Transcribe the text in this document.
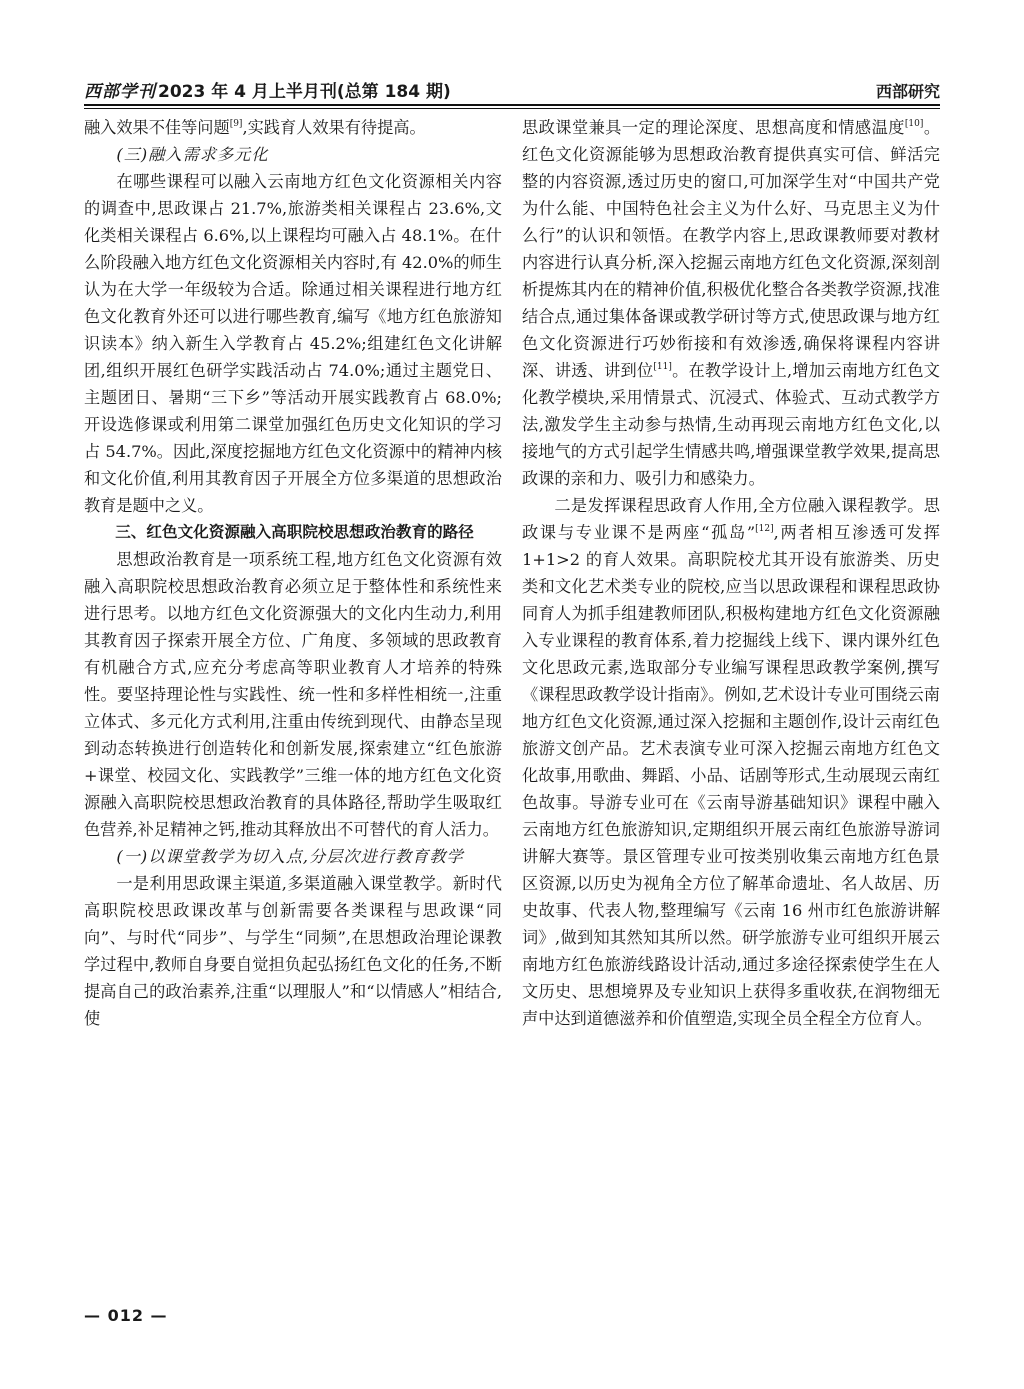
西部学刊 2023 年 4 月上半月刊(总第 184 期)	西部研究

融入效果不佳等问题[9],实践育人效果有待提高。

(三)融入需求多元化

在哪些课程可以融入云南地方红色文化资源相关内容的调查中,思政课占 21.7%,旅游类相关课程占 23.6%,文化类相关课程占 6.6%,以上课程均可融入占 48.1%。在什么阶段融入地方红色文化资源相关内容时,有 42.0%的师生认为在大学一年级较为合适。除通过相关课程进行地方红色文化教育外还可以进行哪些教育,编写《地方红色旅游知识读本》纳入新生入学教育占 45.2%;组建红色文化讲解团,组织开展红色研学实践活动占 74.0%;通过主题党日、主题团日、暑期“三下乡”等活动开展实践教育占 68.0%;开设选修课或利用第二课堂加强红色历史文化知识的学习占 54.7%。因此,深度挖掘地方红色文化资源中的精神内核和文化价值,利用其教育因子开展全方位多渠道的思想政治教育是题中之义。

三、红色文化资源融入高职院校思想政治教育的路径

思想政治教育是一项系统工程,地方红色文化资源有效融入高职院校思想政治教育必须立足于整体性和系统性来进行思考。以地方红色文化资源强大的文化内生动力,利用其教育因子探索开展全方位、广角度、多领域的思政教育有机融合方式,应充分考虑高等职业教育人才培养的特殊性。要坚持理论性与实践性、统一性和多样性相统一,注重立体式、多元化方式利用,注重由传统到现代、由静态呈现到动态转换进行创造转化和创新发展,探索建立“红色旅游+课堂、校园文化、实践教学”三维一体的地方红色文化资源融入高职院校思想政治教育的具体路径,帮助学生吸取红色营养,补足精神之钙,推动其释放出不可替代的育人活力。

(一)以课堂教学为切入点,分层次进行教育教学

一是利用思政课主渠道,多渠道融入课堂教学。新时代高职院校思政课改革与创新需要各类课程与思政课“同向”、与时代“同步”、与学生“同频”,在思想政治理论课教学过程中,教师自身要自觉担负起弘扬红色文化的任务,不断提高自己的政治素养,注重“以理服人”和“以情感人”相结合,使

思政课堂兼具一定的理论深度、思想高度和情感温度[10]。红色文化资源能够为思想政治教育提供真实可信、鲜活完整的内容资源,透过历史的窗口,可加深学生对“中国共产党为什么能、中国特色社会主义为什么好、马克思主义为什么行”的认识和领悟。在教学内容上,思政课教师要对教材内容进行认真分析,深入挖掘云南地方红色文化资源,深刻剖析提炼其内在的精神价值,积极优化整合各类教学资源,找准结合点,通过集体备课或教学研讨等方式,使思政课与地方红色文化资源进行巧妙衔接和有效渗透,确保将课程内容讲深、讲透、讲到位[11]。在教学设计上,增加云南地方红色文化教学模块,采用情景式、沉浸式、体验式、互动式教学方法,激发学生主动参与热情,生动再现云南地方红色文化,以接地气的方式引起学生情感共鸣,增强课堂教学效果,提高思政课的亲和力、吸引力和感染力。

二是发挥课程思政育人作用,全方位融入课程教学。思政课与专业课不是两座“孤岛”[12],两者相互渗透可发挥 1+1>2 的育人效果。高职院校尤其开设有旅游类、历史类和文化艺术类专业的院校,应当以思政课程和课程思政协同育人为抓手组建教师团队,积极构建地方红色文化资源融入专业课程的教育体系,着力挖掘线上线下、课内课外红色文化思政元素,选取部分专业编写课程思政教学案例,撰写《课程思政教学设计指南》。例如,艺术设计专业可围绕云南地方红色文化资源,通过深入挖掘和主题创作,设计云南红色旅游文创产品。艺术表演专业可深入挖掘云南地方红色文化故事,用歌曲、舞蹈、小品、话剧等形式,生动展现云南红色故事。导游专业可在《云南导游基础知识》课程中融入云南地方红色旅游知识,定期组织开展云南红色旅游导游词讲解大赛等。景区管理专业可按类别收集云南地方红色景区资源,以历史为视角全方位了解革命遗址、名人故居、历史故事、代表人物,整理编写《云南 16 州市红色旅游讲解词》,做到知其然知其所以然。研学旅游专业可组织开展云南地方红色旅游线路设计活动,通过多途径探索使学生在人文历史、思想境界及专业知识上获得多重收获,在润物细无声中达到道德滋养和价值塑造,实现全员全程全方位育人。

— 012 —
